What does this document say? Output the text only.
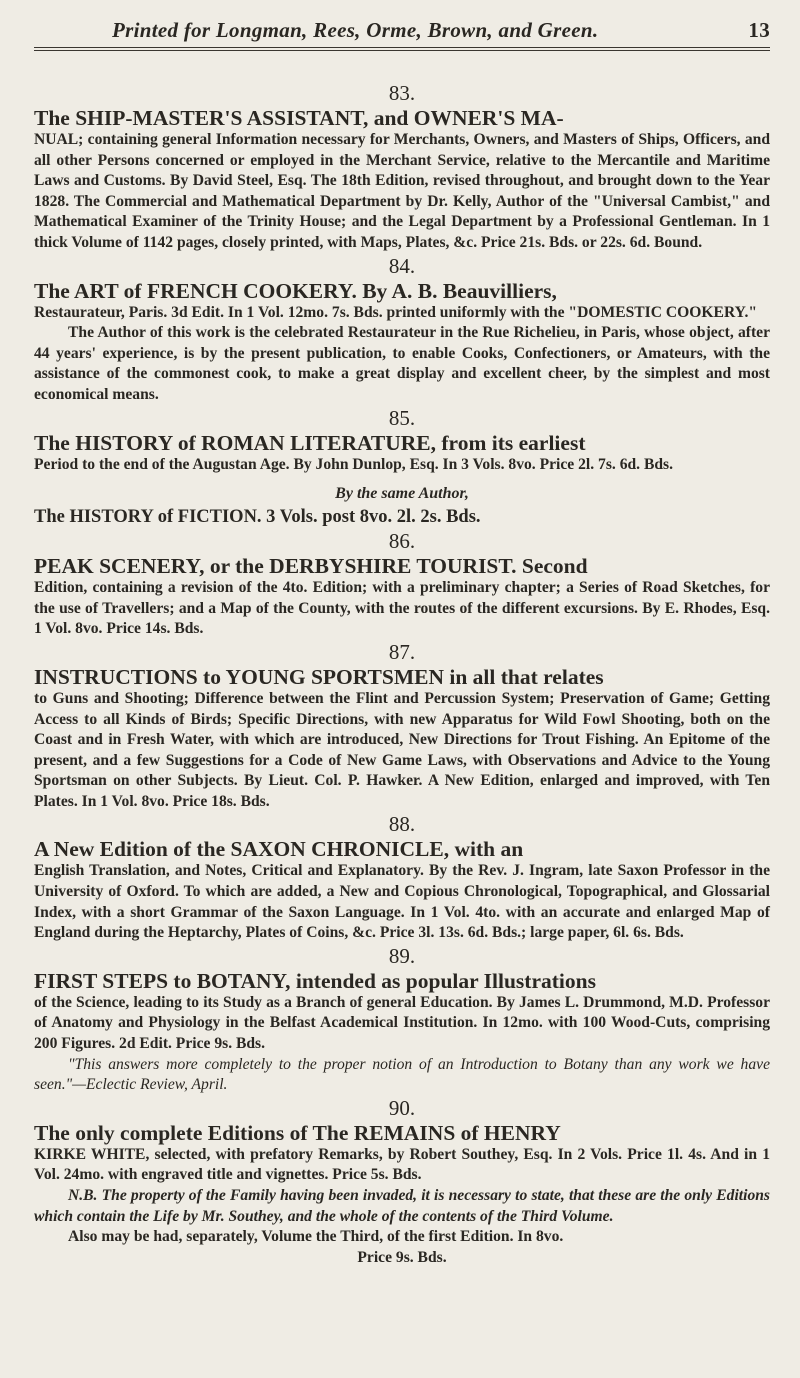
Printed for Longman, Rees, Orme, Brown, and Green.	13
83.
The SHIP-MASTER'S ASSISTANT, and OWNER'S MA-
NUAL; containing general Information necessary for Merchants, Owners, and Masters of Ships, Officers, and all other Persons concerned or employed in the Merchant Service, relative to the Mercantile and Maritime Laws and Customs. By David Steel, Esq. The 18th Edition, revised throughout, and brought down to the Year 1828. The Commercial and Mathematical Department by Dr. Kelly, Author of the "Universal Cambist," and Mathematical Examiner of the Trinity House; and the Legal Department by a Professional Gentleman. In 1 thick Volume of 1142 pages, closely printed, with Maps, Plates, &c. Price 21s. Bds. or 22s. 6d. Bound.
84.
The ART of FRENCH COOKERY. By A. B. Beauvilliers,
Restaurateur, Paris. 3d Edit. In 1 Vol. 12mo. 7s. Bds. printed uniformly with the "DOMESTIC COOKERY."
The Author of this work is the celebrated Restaurateur in the Rue Richelieu, in Paris, whose object, after 44 years' experience, is by the present publication, to enable Cooks, Confectioners, or Amateurs, with the assistance of the commonest cook, to make a great display and excellent cheer, by the simplest and most economical means.
85.
The HISTORY of ROMAN LITERATURE, from its earliest
Period to the end of the Augustan Age. By John Dunlop, Esq. In 3 Vols. 8vo. Price 2l. 7s. 6d. Bds.
By the same Author,
The HISTORY of FICTION. 3 Vols. post 8vo. 2l. 2s. Bds.
86.
PEAK SCENERY, or the DERBYSHIRE TOURIST. Second
Edition, containing a revision of the 4to. Edition; with a preliminary chapter; a Series of Road Sketches, for the use of Travellers; and a Map of the County, with the routes of the different excursions. By E. Rhodes, Esq. 1 Vol. 8vo. Price 14s. Bds.
87.
INSTRUCTIONS to YOUNG SPORTSMEN in all that relates
to Guns and Shooting; Difference between the Flint and Percussion System; Preservation of Game; Getting Access to all Kinds of Birds; Specific Directions, with new Apparatus for Wild Fowl Shooting, both on the Coast and in Fresh Water, with which are introduced, New Directions for Trout Fishing. An Epitome of the present, and a few Suggestions for a Code of New Game Laws, with Observations and Advice to the Young Sportsman on other Subjects. By Lieut. Col. P. Hawker. A New Edition, enlarged and improved, with Ten Plates. In 1 Vol. 8vo. Price 18s. Bds.
88.
A New Edition of the SAXON CHRONICLE, with an
English Translation, and Notes, Critical and Explanatory. By the Rev. J. Ingram, late Saxon Professor in the University of Oxford. To which are added, a New and Copious Chronological, Topographical, and Glossarial Index, with a short Grammar of the Saxon Language. In 1 Vol. 4to. with an accurate and enlarged Map of England during the Heptarchy, Plates of Coins, &c. Price 3l. 13s. 6d. Bds.; large paper, 6l. 6s. Bds.
89.
FIRST STEPS to BOTANY, intended as popular Illustrations
of the Science, leading to its Study as a Branch of general Education. By James L. Drummond, M.D. Professor of Anatomy and Physiology in the Belfast Academical Institution. In 12mo. with 100 Wood-Cuts, comprising 200 Figures. 2d Edit. Price 9s. Bds.
"This answers more completely to the proper notion of an Introduction to Botany than any work we have seen."—Eclectic Review, April.
90.
The only complete Editions of The REMAINS of HENRY
KIRKE WHITE, selected, with prefatory Remarks, by Robert Southey, Esq. In 2 Vols. Price 1l. 4s. And in 1 Vol. 24mo. with engraved title and vignettes. Price 5s. Bds.
N.B. The property of the Family having been invaded, it is necessary to state, that these are the only Editions which contain the Life by Mr. Southey, and the whole of the contents of the Third Volume.
Also may be had, separately, Volume the Third, of the first Edition. In 8vo.
Price 9s. Bds.
